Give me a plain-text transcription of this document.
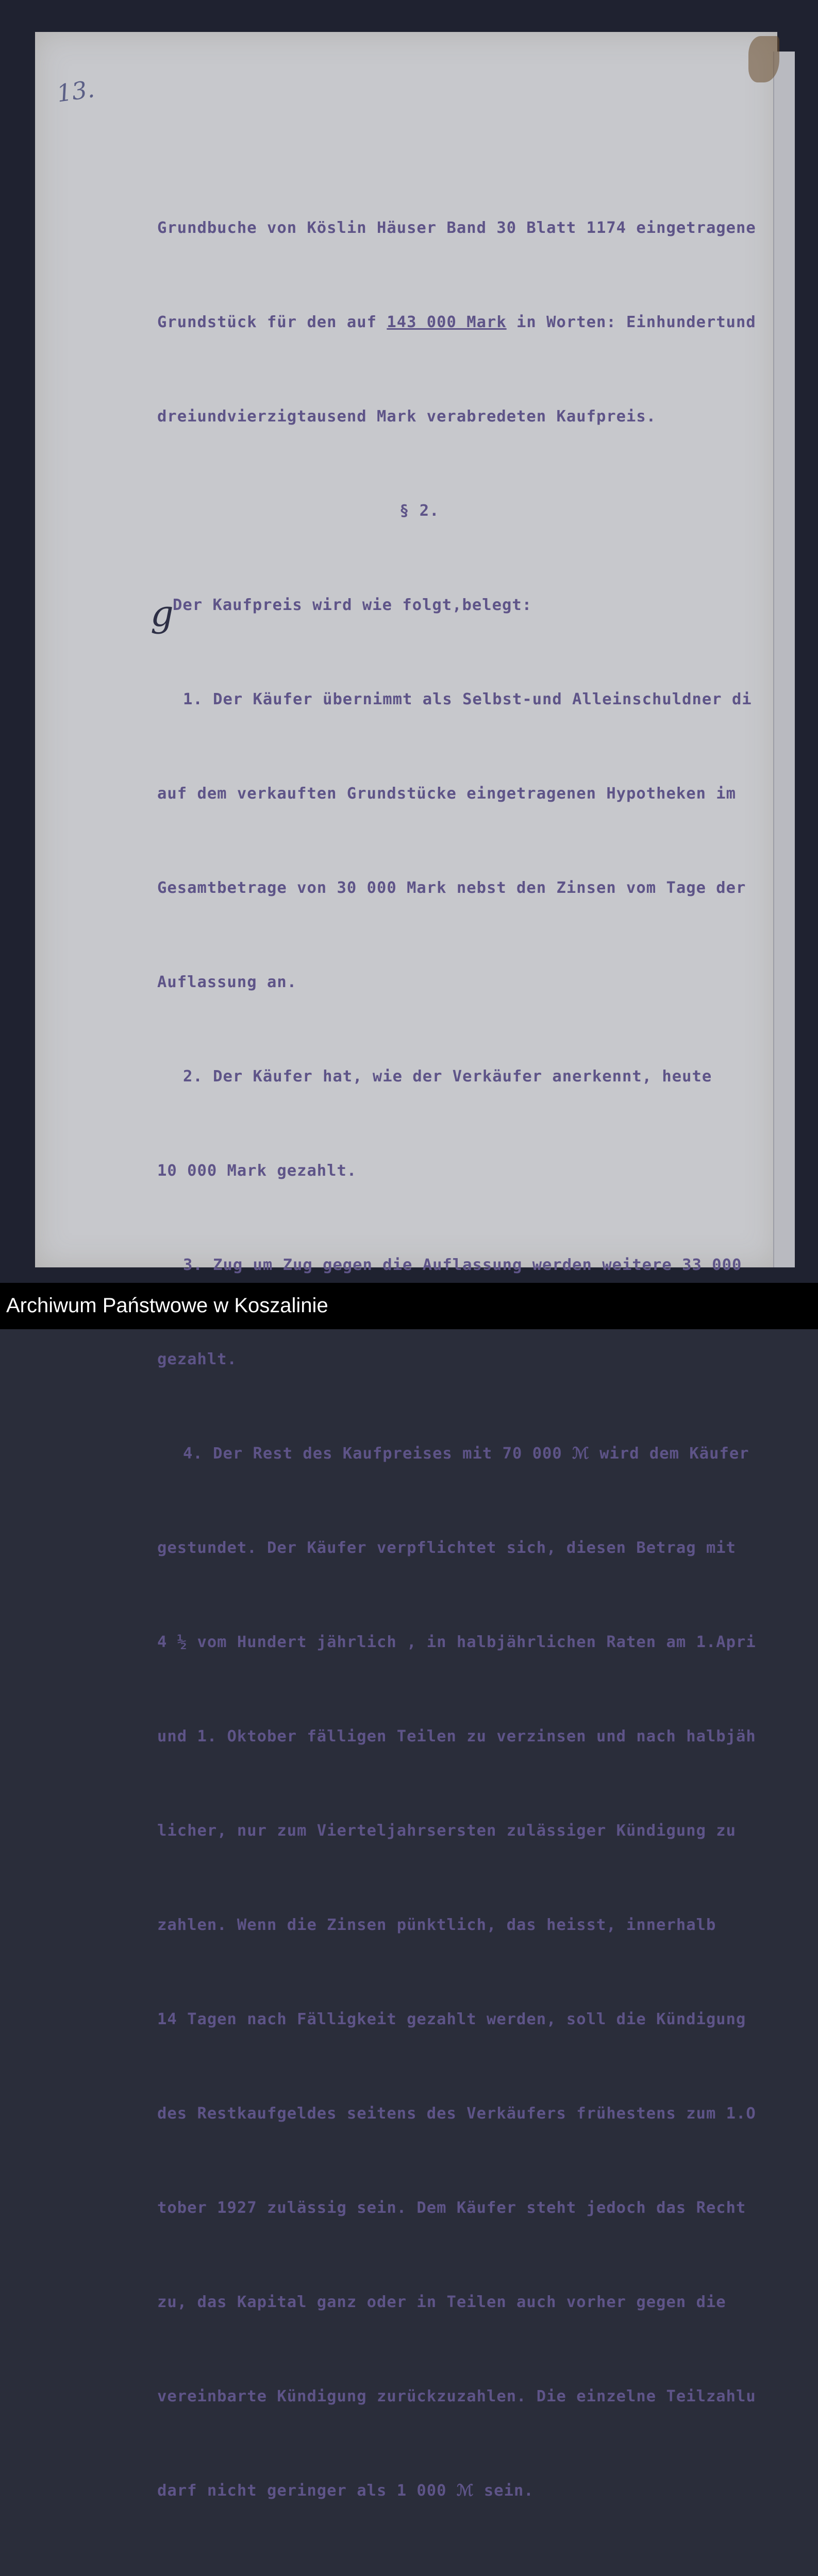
13.
g

Grundbuche von Köslin Häuser Band 30 Blatt 1174 eingetragene

Grundstück für den auf 143 000 Mark in Worten: Einhundertund

dreiundvierzigtausend Mark verabredeten Kaufpreis.

§ 2.

Der Kaufpreis wird wie folgt,belegt:

1. Der Käufer übernimmt als Selbst-und Alleinschuldner di

auf dem verkauften Grundstücke eingetragenen Hypotheken im

Gesamtbetrage von 30 000 Mark nebst den Zinsen vom Tage der

Auflassung an.

2. Der Käufer hat, wie der Verkäufer anerkennt, heute

10 000 Mark gezahlt.

3. Zug um Zug gegen die Auflassung werden weitere 33 000

gezahlt.

4. Der Rest des Kaufpreises mit 70 000 ℳ wird dem Käufer

gestundet. Der Käufer verpflichtet sich, diesen Betrag mit

4 ½ vom Hundert jährlich , in halbjährlichen Raten am 1.Apri

und 1. Oktober fälligen Teilen zu verzinsen und nach halbjäh

licher, nur zum Vierteljahrsersten zulässiger Kündigung zu

zahlen. Wenn die Zinsen pünktlich, das heisst, innerhalb

14 Tagen nach Fälligkeit gezahlt werden, soll die Kündigung

des Restkaufgeldes seitens des Verkäufers frühestens zum 1.O

tober 1927 zulässig sein. Dem Käufer steht jedoch das Recht

zu, das Kapital ganz oder in Teilen auch vorher gegen die

vereinbarte Kündigung zurückzuzahlen. Die einzelne Teilzahlu

darf nicht geringer als 1 000 ℳ sein.

Archiwum Państwowe w Koszalinie
